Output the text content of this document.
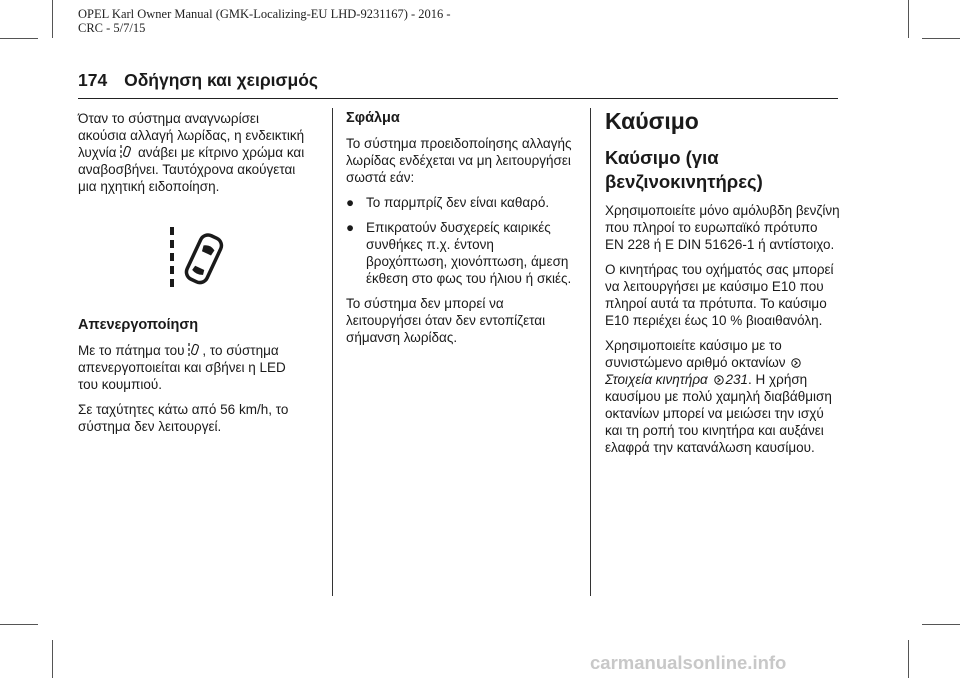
OPEL Karl Owner Manual (GMK-Localizing-EU LHD-9231167) - 2016 -
CRC - 5/7/15
174 Οδήγηση και χειρισμός

Όταν το σύστημα αναγνωρίσει ακούσια αλλαγή λωρίδας, η ενδεικτική λυχνία ανάβει με κίτρινο χρώμα και αναβοσβήνει. Ταυτόχρονα ακούγεται μια ηχητική ειδοποίηση.

Απενεργοποίηση

Με το πάτημα του , το σύστημα απενεργοποιείται και σβήνει η LED του κουμπιού.

Σε ταχύτητες κάτω από 56 km/h, το σύστημα δεν λειτουργεί.

Σφάλμα

Το σύστημα προειδοποίησης αλλαγής λωρίδας ενδέχεται να μη λειτουργήσει σωστά εάν:

● Το παρμπρίζ δεν είναι καθαρό.
● Επικρατούν δυσχερείς καιρικές συνθήκες π.χ. έντονη βροχόπτωση, χιονόπτωση, άμεση έκθεση στο φως του ήλιου ή σκιές.

Το σύστημα δεν μπορεί να λειτουργήσει όταν δεν εντοπίζεται σήμανση λωρίδας.

Καύσιμο
Καύσιμο (για βενζινοκινητήρες)

Χρησιμοποιείτε μόνο αμόλυβδη βενζίνη που πληροί το ευρωπαϊκό πρότυπο EN 228 ή E DIN 51626-1 ή αντίστοιχο.

Ο κινητήρας του οχήματός σας μπορεί να λειτουργήσει με καύσιμο E10 που πληροί αυτά τα πρότυπα. Το καύσιμο E10 περιέχει έως 10 % βιοαιθανόλη.

Χρησιμοποιείτε καύσιμο με το συνιστώμενο αριθμό οκτανίων  Στοιχεία κινητήρα 231. Η χρήση καυσίμου με πολύ χαμηλή διαβάθμιση οκτανίων μπορεί να μειώσει την ισχύ και τη ροπή του κινητήρα και αυξάνει ελαφρά την κατανάλωση καυσίμου.

carmanualsonline.info
